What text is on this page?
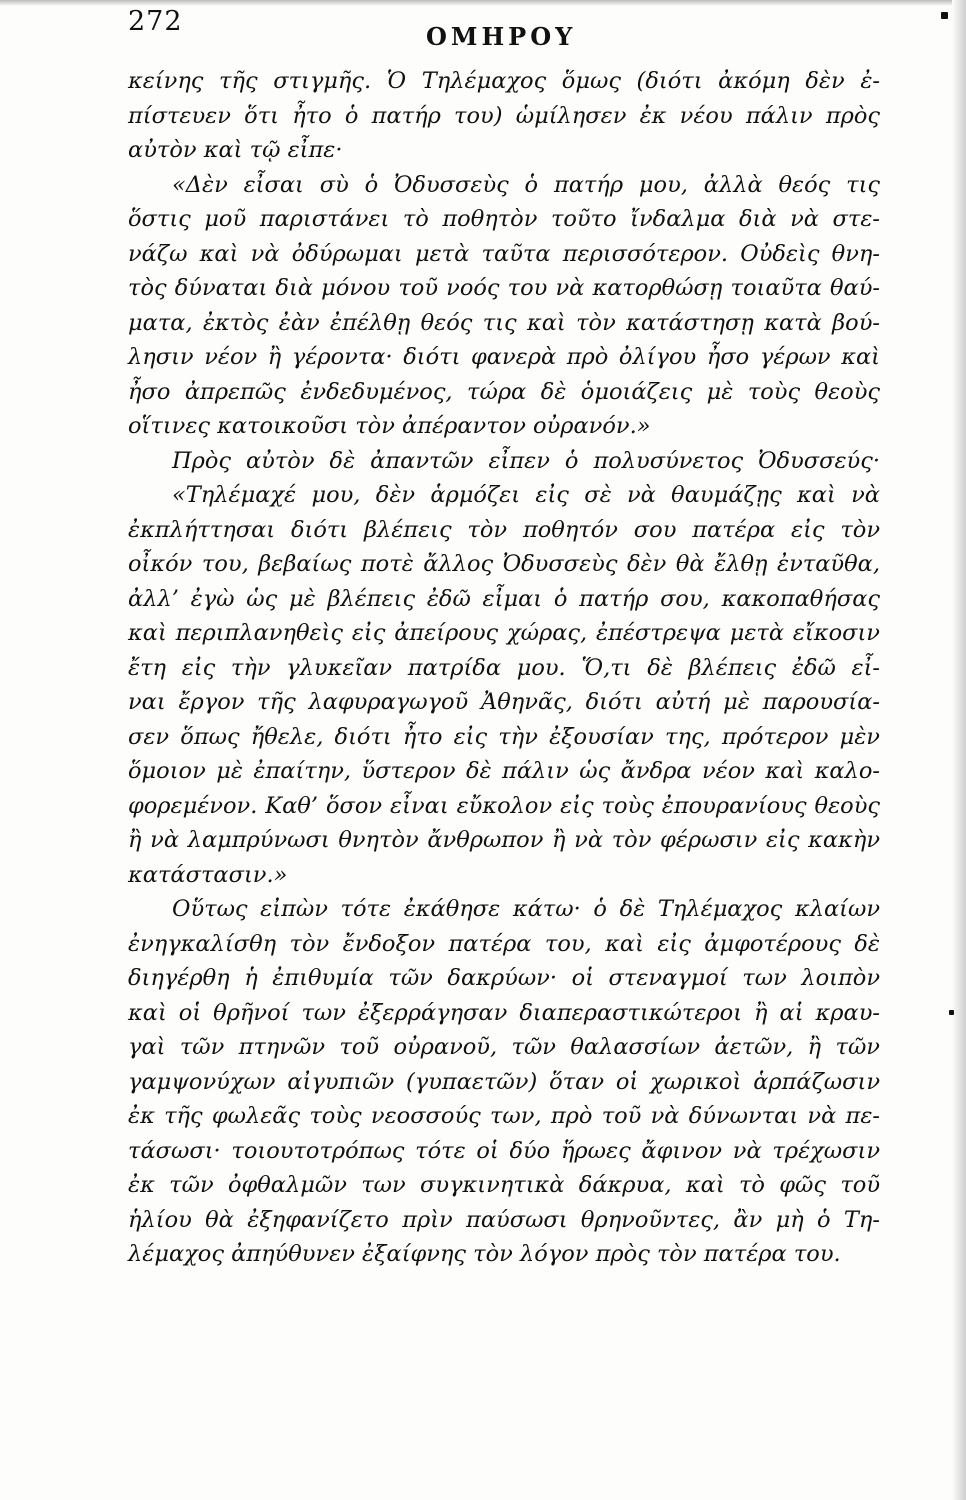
272	ΟΜΗΡΟΥ
κείνης τῆς στιγμῆς. Ὁ Τηλέμαχος ὅμως (διότι ἀκόμη δὲν ἐ-
πίστευεν ὅτι ἦτο ὁ πατήρ του) ὡμίλησεν ἐκ νέου πάλιν πρὸς
αὐτὸν καὶ τῷ εἶπε·
«Δὲν εἶσαι σὺ ὁ Ὀδυσσεὺς ὁ πατήρ μου, ἀλλὰ θεός τις
ὅστις μοῦ παριστάνει τὸ ποθητὸν τοῦτο ἴνδαλμα διὰ νὰ στε-
νάζω καὶ νὰ ὀδύρωμαι μετὰ ταῦτα περισσότερον. Οὐδεὶς θνη-
τὸς δύναται διὰ μόνου τοῦ νοός του νὰ κατορθώσῃ τοιαῦτα θαύ-
ματα, ἐκτὸς ἐὰν ἐπέλθῃ θεός τις καὶ τὸν κατάστησῃ κατὰ βού-
λησιν νέον ἢ γέροντα· διότι φανερὰ πρὸ ὀλίγου ἦσο γέρων καὶ
ἦσο ἀπρεπῶς ἐνδεδυμένος, τώρα δὲ ὁμοιάζεις μὲ τοὺς θεοὺς
οἵτινες κατοικοῦσι τὸν ἀπέραντον οὐρανόν.»
Πρὸς αὐτὸν δὲ ἀπαντῶν εἶπεν ὁ πολυσύνετος Ὀδυσσεύς·
«Τηλέμαχέ μου, δὲν ἁρμόζει εἰς σὲ νὰ θαυμάζῃς καὶ νὰ
ἐκπλήττησαι διότι βλέπεις τὸν ποθητόν σου πατέρα εἰς τὸν
οἶκόν του, βεβαίως ποτὲ ἄλλος Ὀδυσσεὺς δὲν θὰ ἔλθῃ ἐνταῦθα,
ἀλλ’ ἐγὼ ὡς μὲ βλέπεις ἐδῶ εἶμαι ὁ πατήρ σου, κακοπαθήσας
καὶ περιπλανηθεὶς εἰς ἀπείρους χώρας, ἐπέστρεψα μετὰ εἴκοσιν
ἔτη εἰς τὴν γλυκεῖαν πατρίδα μου. Ὅ,τι δὲ βλέπεις ἐδῶ εἶ-
ναι ἔργον τῆς λαφυραγωγοῦ Ἀθηνᾶς, διότι αὐτή μὲ παρουσία-
σεν ὅπως ἤθελε, διότι ἦτο εἰς τὴν ἐξουσίαν της, πρότερον μὲν
ὅμοιον μὲ ἐπαίτην, ὕστερον δὲ πάλιν ὡς ἄνδρα νέον καὶ καλο-
φορεμένον. Καθ’ ὅσον εἶναι εὔκολον εἰς τοὺς ἐπουρανίους θεοὺς
ἢ νὰ λαμπρύνωσι θνητὸν ἄνθρωπον ἢ νὰ τὸν φέρωσιν εἰς κακὴν
κατάστασιν.»
Οὕτως εἰπὼν τότε ἐκάθησε κάτω· ὁ δὲ Τηλέμαχος κλαίων
ἐνηγκαλίσθη τὸν ἔνδοξον πατέρα του, καὶ εἰς ἀμφοτέρους δὲ
διηγέρθη ἡ ἐπιθυμία τῶν δακρύων· οἱ στεναγμοί των λοιπὸν
καὶ οἱ θρῆνοί των ἐξερράγησαν διαπεραστικώτεροι ἢ αἱ κραυ-
γαὶ τῶν πτηνῶν τοῦ οὐρανοῦ, τῶν θαλασσίων ἀετῶν, ἢ τῶν
γαμψονύχων αἰγυπιῶν (γυπαετῶν) ὅταν οἱ χωρικοὶ ἁρπάζωσιν
ἐκ τῆς φωλεᾶς τοὺς νεοσσούς των, πρὸ τοῦ νὰ δύνωνται νὰ πε-
τάσωσι· τοιουτοτρόπως τότε οἱ δύο ἥρωες ἄφινον νὰ τρέχωσιν
ἐκ τῶν ὀφθαλμῶν των συγκινητικὰ δάκρυα, καὶ τὸ φῶς τοῦ
ἡλίου θὰ ἐξηφανίζετο πρὶν παύσωσι θρηνοῦντες, ἂν μὴ ὁ Τη-
λέμαχος ἀπηύθυνεν ἐξαίφνης τὸν λόγον πρὸς τὸν πατέρα του.
